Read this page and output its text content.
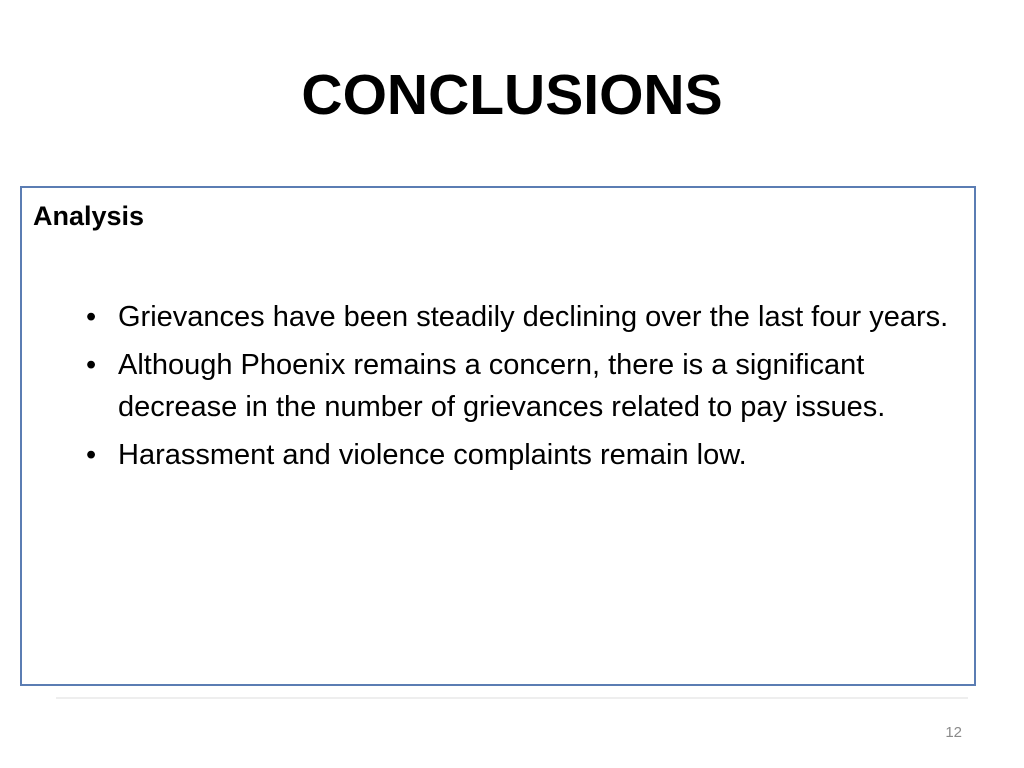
CONCLUSIONS
Analysis
• Grievances have been steadily declining over the last four years.
• Although Phoenix remains a concern, there is a significant decrease in the number of grievances related to pay issues.
• Harassment and violence complaints remain low.
12
